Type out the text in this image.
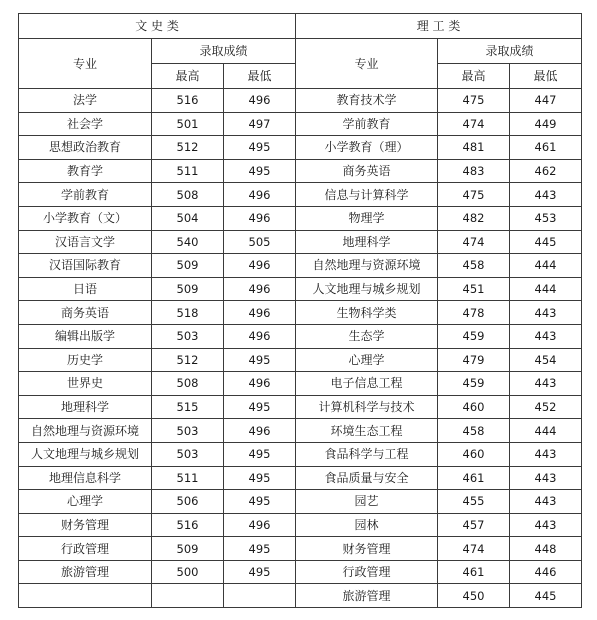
文 史 类			理 工 类		
专业	录取成绩		专业	录取成绩	
	最高	最低		最高	最低
法学	516	496	教育技术学	475	447
社会学	501	497	学前教育	474	449
思想政治教育	512	495	小学教育（理）	481	461
教育学	511	495	商务英语	483	462
学前教育	508	496	信息与计算科学	475	443
小学教育（文）	504	496	物理学	482	453
汉语言文学	540	505	地理科学	474	445
汉语国际教育	509	496	自然地理与资源环境	458	444
日语	509	496	人文地理与城乡规划	451	444
商务英语	518	496	生物科学类	478	443
编辑出版学	503	496	生态学	459	443
历史学	512	495	心理学	479	454
世界史	508	496	电子信息工程	459	443
地理科学	515	495	计算机科学与技术	460	452
自然地理与资源环境	503	496	环境生态工程	458	444
人文地理与城乡规划	503	495	食品科学与工程	460	443
地理信息科学	511	495	食品质量与安全	461	443
心理学	506	495	园艺	455	443
财务管理	516	496	园林	457	443
行政管理	509	495	财务管理	474	448
旅游管理	500	495	行政管理	461	446
			旅游管理	450	445
